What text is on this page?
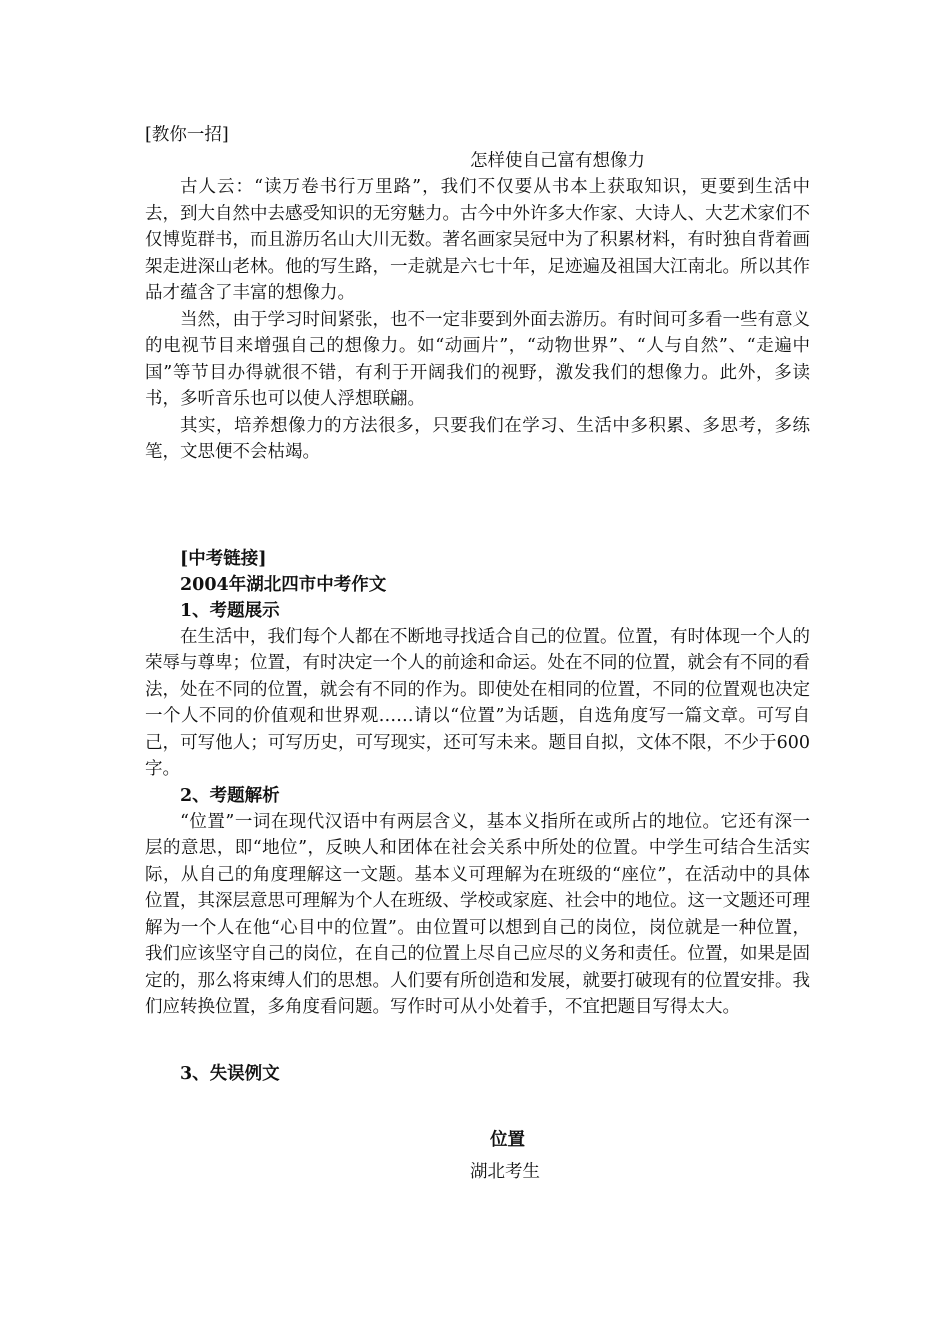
[教你一招]

怎样使自己富有想像力

古人云：“读万卷书行万里路”，我们不仅要从书本上获取知识，更要到生活中去，到大自然中去感受知识的无穷魅力。古今中外许多大作家、大诗人、大艺术家们不仅博览群书，而且游历名山大川无数。著名画家吴冠中为了积累材料，有时独自背着画架走进深山老林。他的写生路，一走就是六七十年，足迹遍及祖国大江南北。所以其作品才蕴含了丰富的想像力。

当然，由于学习时间紧张，也不一定非要到外面去游历。有时间可多看一些有意义的电视节目来增强自己的想像力。如“动画片”，“动物世界”、“人与自然”、“走遍中国”等节目办得就很不错，有利于开阔我们的视野，激发我们的想像力。此外，多读书，多听音乐也可以使人浮想联翩。

其实，培养想像力的方法很多，只要我们在学习、生活中多积累、多思考，多练笔，文思便不会枯竭。

[中考链接]

2004年湖北四市中考作文

1、考题展示

在生活中，我们每个人都在不断地寻找适合自己的位置。位置，有时体现一个人的荣辱与尊卑；位置，有时决定一个人的前途和命运。处在不同的位置，就会有不同的看法，处在不同的位置，就会有不同的作为。即使处在相同的位置，不同的位置观也决定一个人不同的价值观和世界观……请以“位置”为话题，自选角度写一篇文章。可写自己，可写他人；可写历史，可写现实，还可写未来。题目自拟，文体不限，不少于600字。

2、考题解析

“位置”一词在现代汉语中有两层含义，基本义指所在或所占的地位。它还有深一层的意思，即“地位”，反映人和团体在社会关系中所处的位置。中学生可结合生活实际，从自己的角度理解这一文题。基本义可理解为在班级的“座位”，在活动中的具体位置，其深层意思可理解为个人在班级、学校或家庭、社会中的地位。这一文题还可理解为一个人在他“心目中的位置”。由位置可以想到自己的岗位，岗位就是一种位置，我们应该坚守自己的岗位，在自己的位置上尽自己应尽的义务和责任。位置，如果是固定的，那么将束缚人们的思想。人们要有所创造和发展，就要打破现有的位置安排。我们应转换位置，多角度看问题。写作时可从小处着手，不宜把题目写得太大。

3、失误例文

位置

湖北考生
